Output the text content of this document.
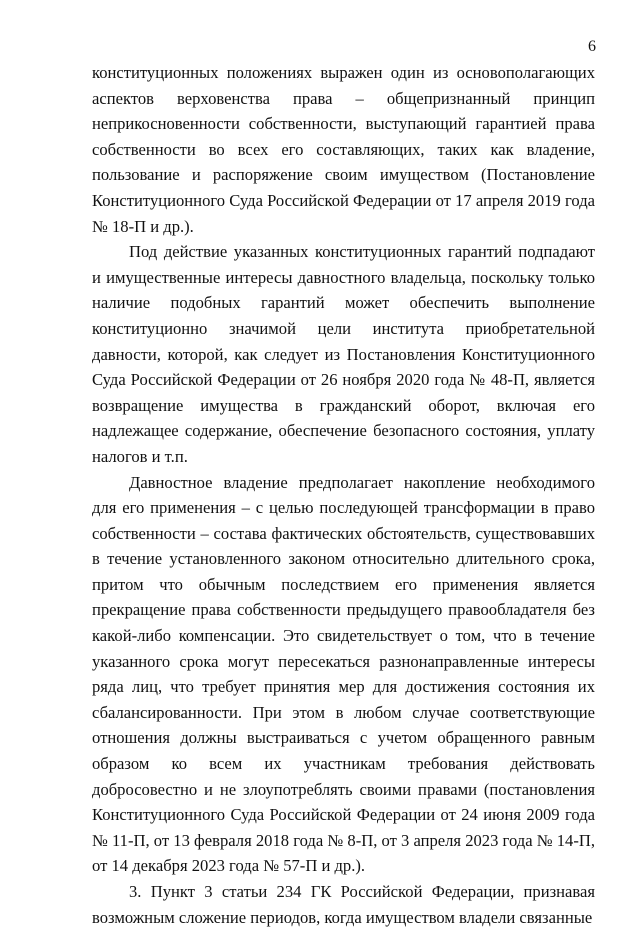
6

конституционных положениях выражен один из основополагающих аспектов верховенства права – общепризнанный принцип неприкосновенности собственности, выступающий гарантией права собственности во всех его составляющих, таких как владение, пользование и распоряжение своим имуществом (Постановление Конституционного Суда Российской Федерации от 17 апреля 2019 года № 18-П и др.).

Под действие указанных конституционных гарантий подпадают и имущественные интересы давностного владельца, поскольку только наличие подобных гарантий может обеспечить выполнение конституционно значимой цели института приобретательной давности, которой, как следует из Постановления Конституционного Суда Российской Федерации от 26 ноября 2020 года № 48-П, является возвращение имущества в гражданский оборот, включая его надлежащее содержание, обеспечение безопасного состояния, уплату налогов и т.п.

Давностное владение предполагает накопление необходимого для его применения – с целью последующей трансформации в право собственности – состава фактических обстоятельств, существовавших в течение установленного законом относительно длительного срока, притом что обычным последствием его применения является прекращение права собственности предыдущего правообладателя без какой-либо компенсации. Это свидетельствует о том, что в течение указанного срока могут пересекаться разнонаправленные интересы ряда лиц, что требует принятия мер для достижения состояния их сбалансированности. При этом в любом случае соответствующие отношения должны выстраиваться с учетом обращенного равным образом ко всем их участникам требования действовать добросовестно и не злоупотреблять своими правами (постановления Конституционного Суда Российской Федерации от 24 июня 2009 года № 11-П, от 13 февраля 2018 года № 8-П, от 3 апреля 2023 года № 14-П, от 14 декабря 2023 года № 57-П и др.).

3. Пункт 3 статьи 234 ГК Российской Федерации, признавая возможным сложение периодов, когда имуществом владели связанные
